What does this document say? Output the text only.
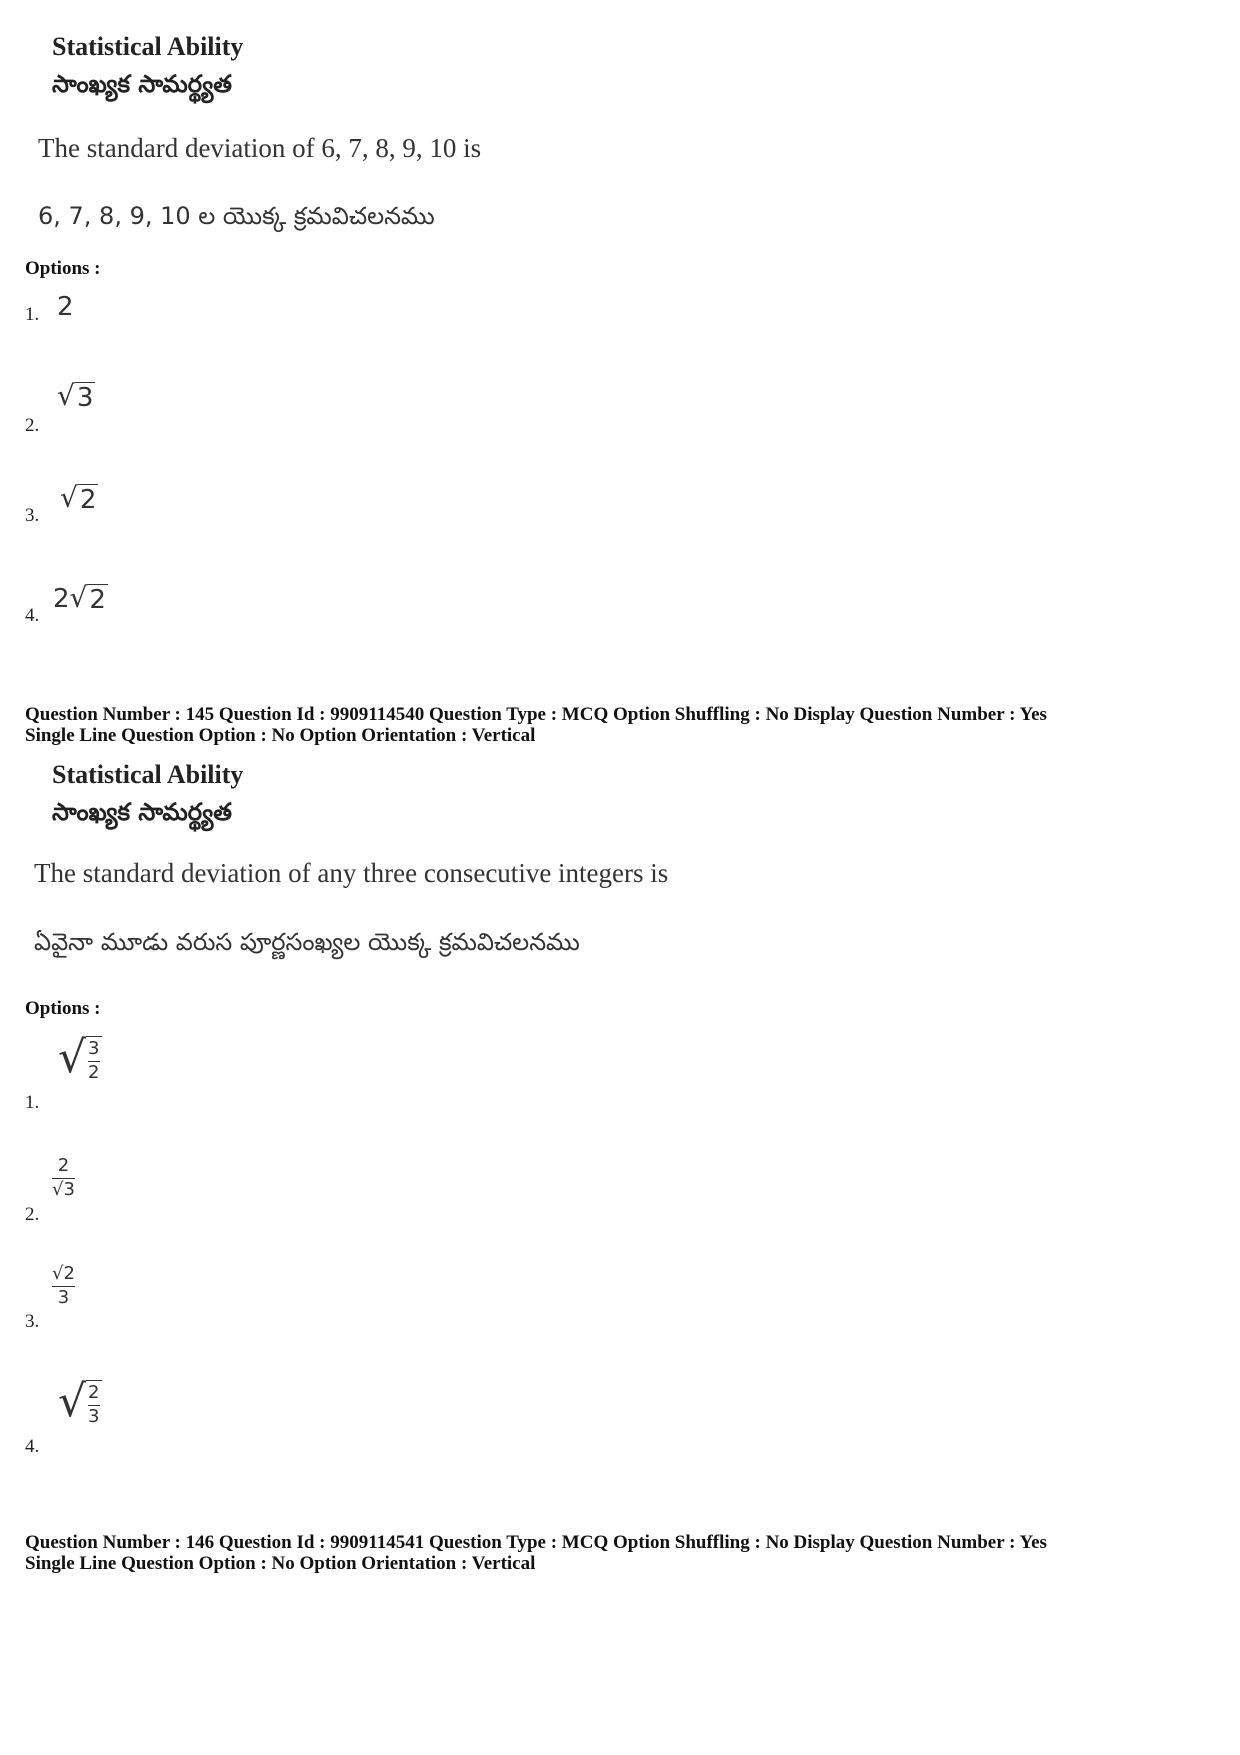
Statistical Ability
సాంఖ్యక సామర్థ్యత
The standard deviation of 6, 7, 8, 9, 10 is
6, 7, 8, 9, 10 ల యొక్క క్రమవిచలనము
Options :
1. 2
2.
√ 3
3.
√ 2
4.
2 √ 2
Question Number : 145 Question Id : 9909114540 Question Type : MCQ Option Shuffling : No Display Question Number : Yes
Single Line Question Option : No Option Orientation : Vertical
Statistical Ability
సాంఖ్యక సామర్థ్యత
The standard deviation of any three consecutive integers is
ఏవైనా మూడు వరుస పూర్ణసంఖ్యల యొక్క క్రమవిచలనము
Options :
1.
√ $\frac{3}{2}$
2.
$\frac{2}{√3}$
3.
$\frac{√2}{3}$
4.
√ $\frac{2}{3}$
Question Number : 146 Question Id : 9909114541 Question Type : MCQ Option Shuffling : No Display Question Number : Yes
Single Line Question Option : No Option Orientation : Vertical
